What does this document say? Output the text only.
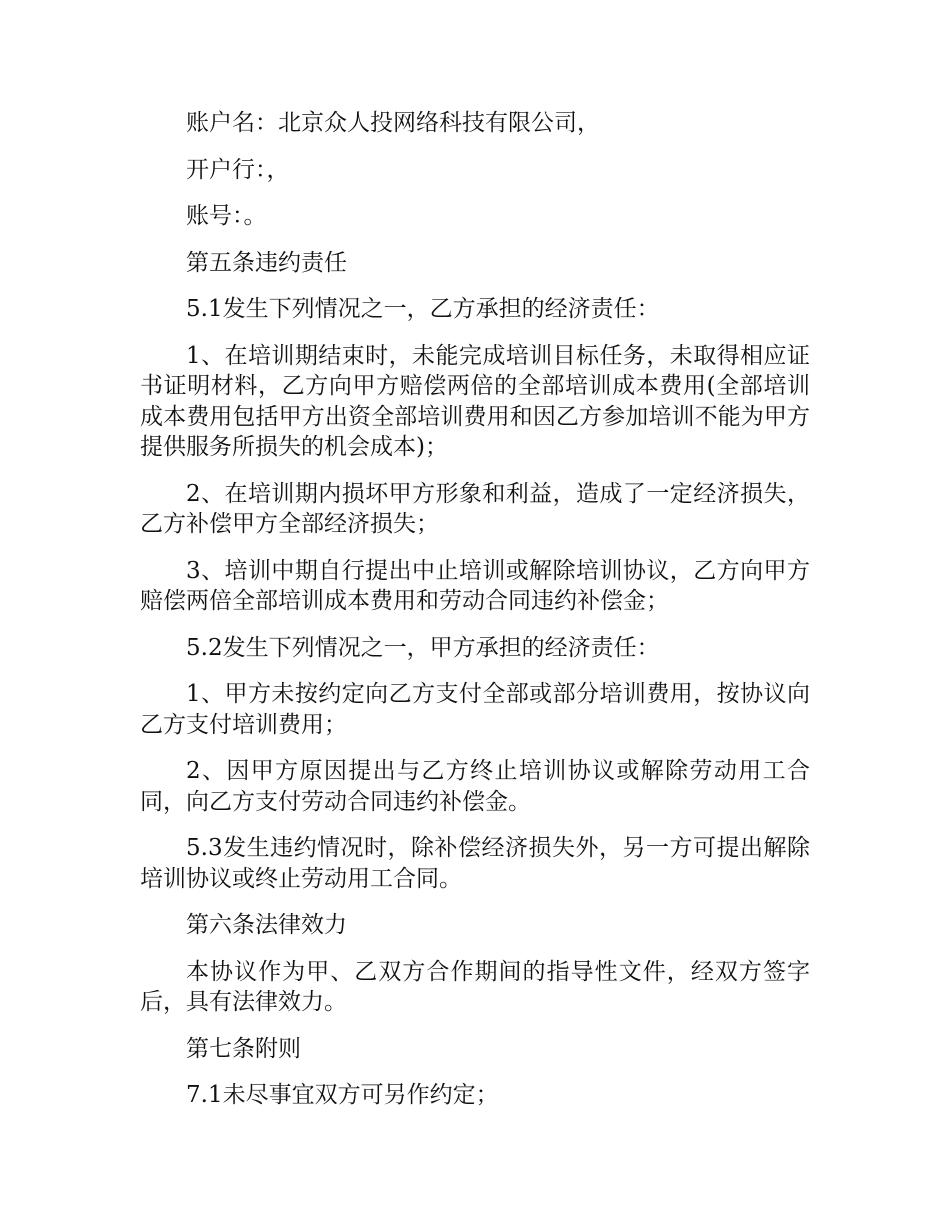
账户名：北京众人投网络科技有限公司，

开户行：，

账号：。

第五条违约责任

5.1发生下列情况之一，乙方承担的经济责任：

1、在培训期结束时，未能完成培训目标任务，未取得相应证书证明材料，乙方向甲方赔偿两倍的全部培训成本费用(全部培训成本费用包括甲方出资全部培训费用和因乙方参加培训不能为甲方提供服务所损失的机会成本)；

2、在培训期内损坏甲方形象和利益，造成了一定经济损失，乙方补偿甲方全部经济损失；

3、培训中期自行提出中止培训或解除培训协议，乙方向甲方赔偿两倍全部培训成本费用和劳动合同违约补偿金；

5.2发生下列情况之一，甲方承担的经济责任：

1、甲方未按约定向乙方支付全部或部分培训费用，按协议向乙方支付培训费用；

2、因甲方原因提出与乙方终止培训协议或解除劳动用工合同，向乙方支付劳动合同违约补偿金。

5.3发生违约情况时，除补偿经济损失外，另一方可提出解除培训协议或终止劳动用工合同。

第六条法律效力

本协议作为甲、乙双方合作期间的指导性文件，经双方签字后，具有法律效力。

第七条附则

7.1未尽事宜双方可另作约定；
